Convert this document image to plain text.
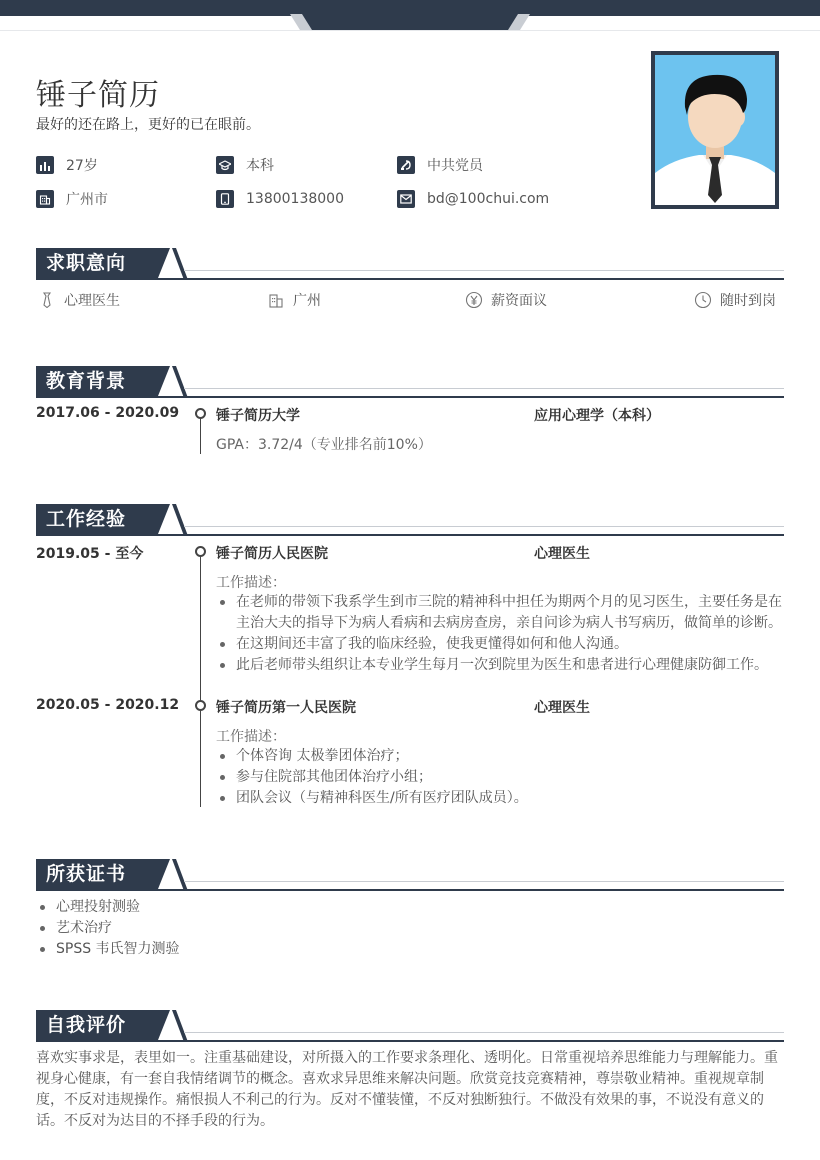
锤子简历
最好的还在路上，更好的已在眼前。
27岁	本科	中共党员
广州市	13800138000	bd@100chui.com
求职意向
心理医生	广州	薪资面议	随时到岗
教育背景
2017.06 - 2020.09	锤子简历大学	应用心理学（本科）
GPA：3.72/4（专业排名前10%）
工作经验
2019.05 - 至今	锤子简历人民医院	心理医生
工作描述：
在老师的带领下我系学生到市三院的精神科中担任为期两个月的见习医生，主要任务是在主治大夫的指导下为病人看病和去病房查房，亲自问诊为病人书写病历，做简单的诊断。
在这期间还丰富了我的临床经验，使我更懂得如何和他人沟通。
此后老师带头组织让本专业学生每月一次到院里为医生和患者进行心理健康防御工作。
2020.05 - 2020.12	锤子简历第一人民医院	心理医生
工作描述：
个体咨询 太极拳团体治疗；
参与住院部其他团体治疗小组；
团队会议（与精神科医生/所有医疗团队成员）。
所获证书
心理投射测验
艺术治疗
SPSS 韦氏智力测验
自我评价
喜欢实事求是，表里如一。注重基础建设，对所摄入的工作要求条理化、透明化。日常重视培养思维能力与理解能力。重视身心健康，有一套自我情绪调节的概念。喜欢求异思维来解决问题。欣赏竞技竞赛精神，尊崇敬业精神。重视规章制度，不反对违规操作。痛恨损人不利己的行为。反对不懂装懂，不反对独断独行。不做没有效果的事，不说没有意义的话。不反对为达目的不择手段的行为。
